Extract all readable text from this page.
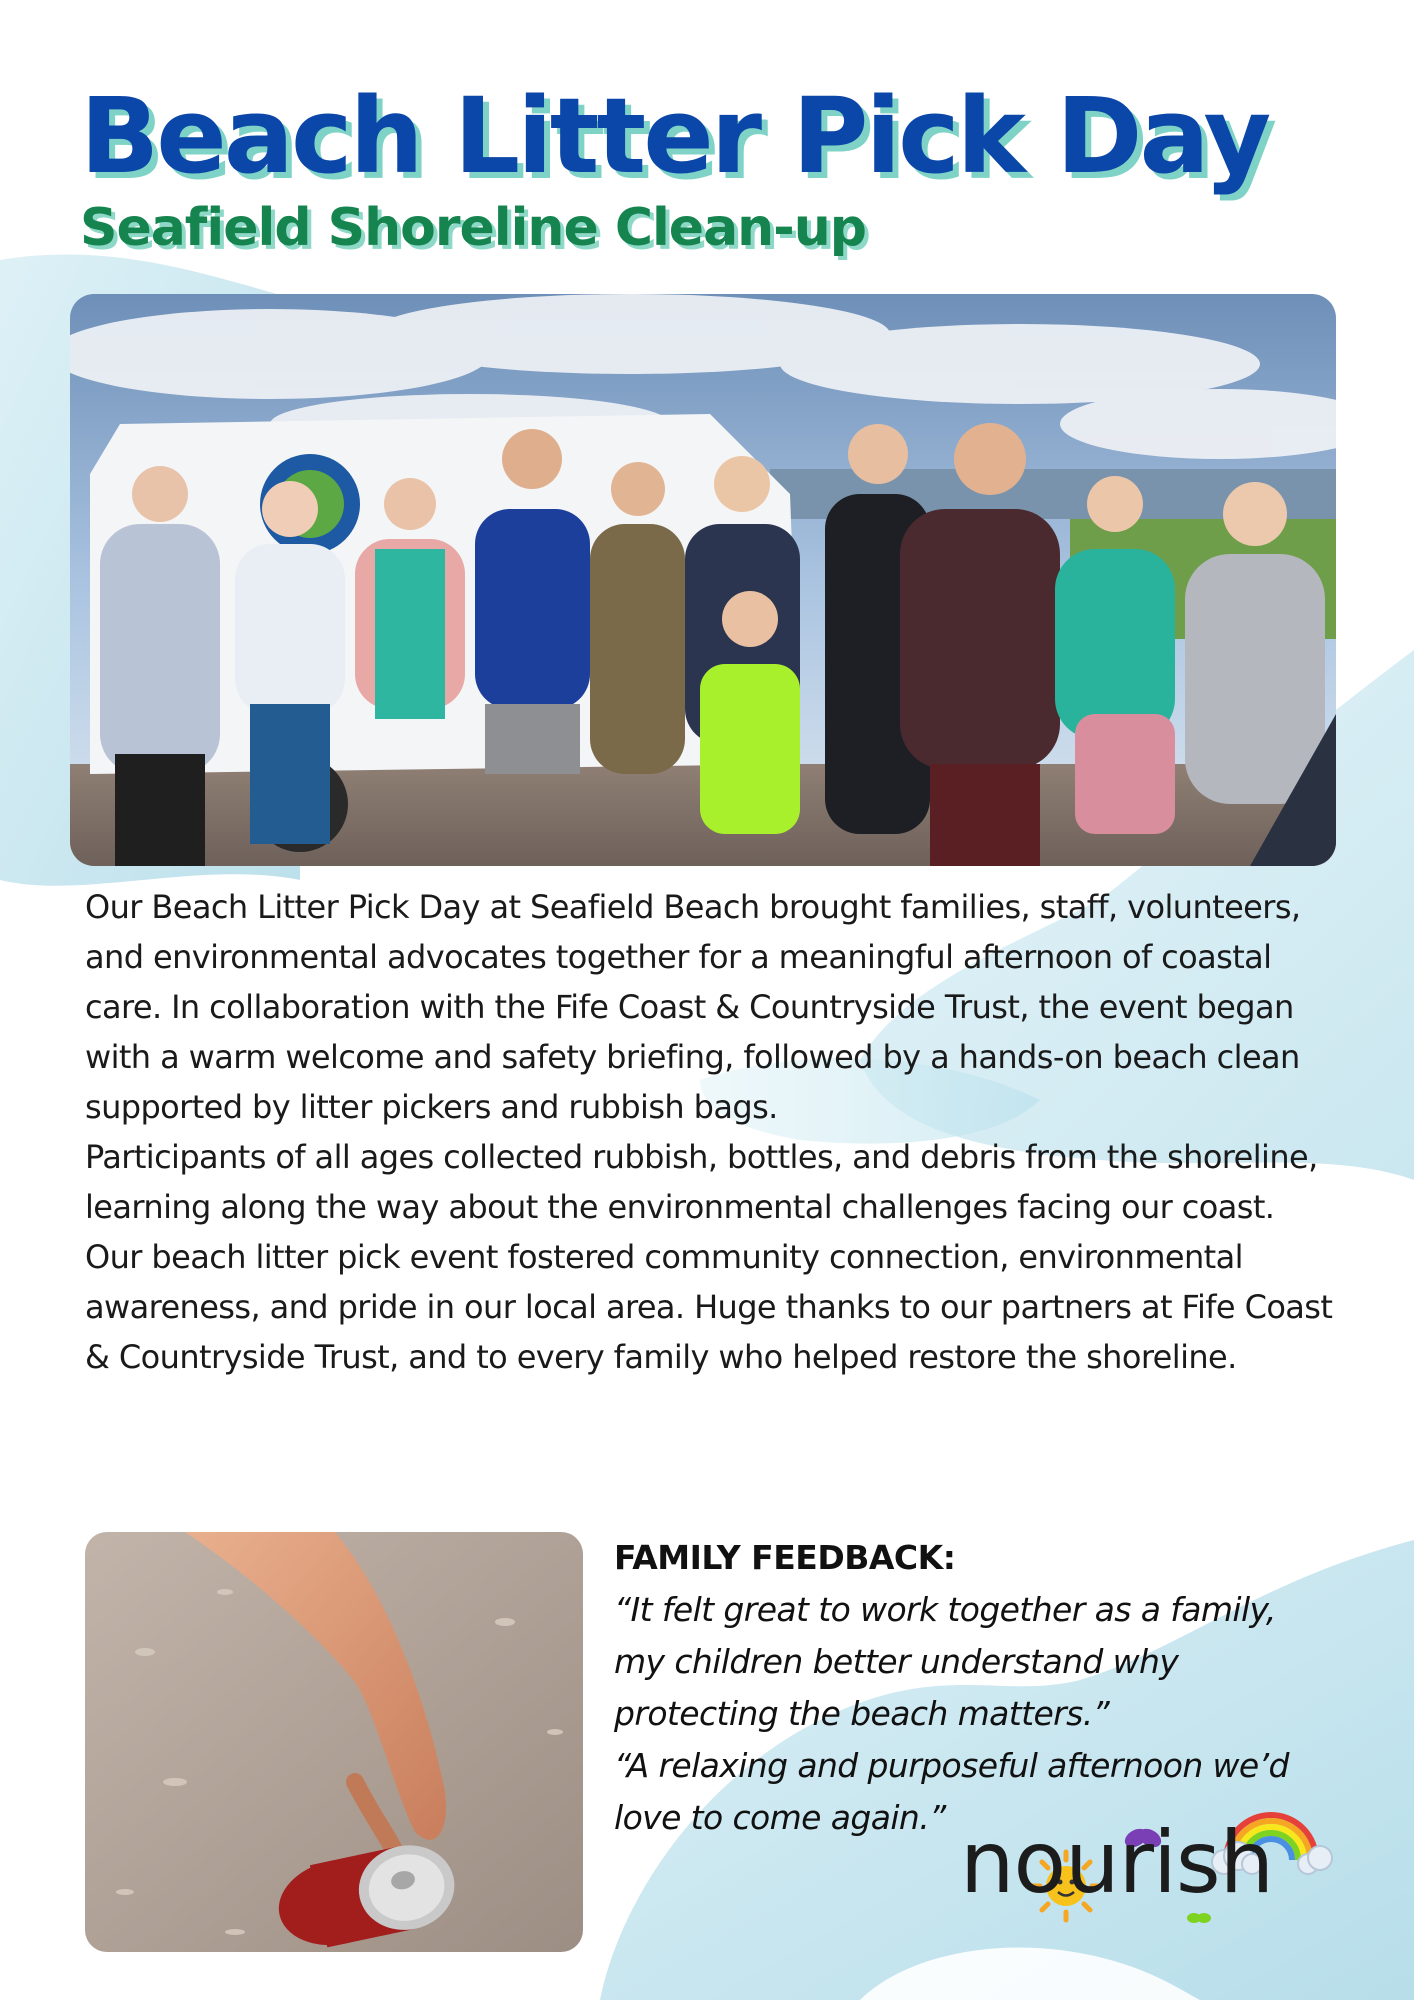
Beach Litter Pick Day
Seafield Shoreline Clean-up

Our Beach Litter Pick Day at Seafield Beach brought families, staff, volunteers, and environmental advocates together for a meaningful afternoon of coastal care. In collaboration with the Fife Coast & Countryside Trust, the event began with a warm welcome and safety briefing, followed by a hands-on beach clean supported by litter pickers and rubbish bags.

Participants of all ages collected rubbish, bottles, and debris from the shoreline, learning along the way about the environmental challenges facing our coast.

Our beach litter pick event fostered community connection, environmental awareness, and pride in our local area. Huge thanks to our partners at Fife Coast & Countryside Trust, and to every family who helped restore the shoreline.

FAMILY FEEDBACK:

“It felt great to work together as a family, my children better understand why protecting the beach matters.”

“A relaxing and purposeful afternoon we’d love to come again.” nourish
